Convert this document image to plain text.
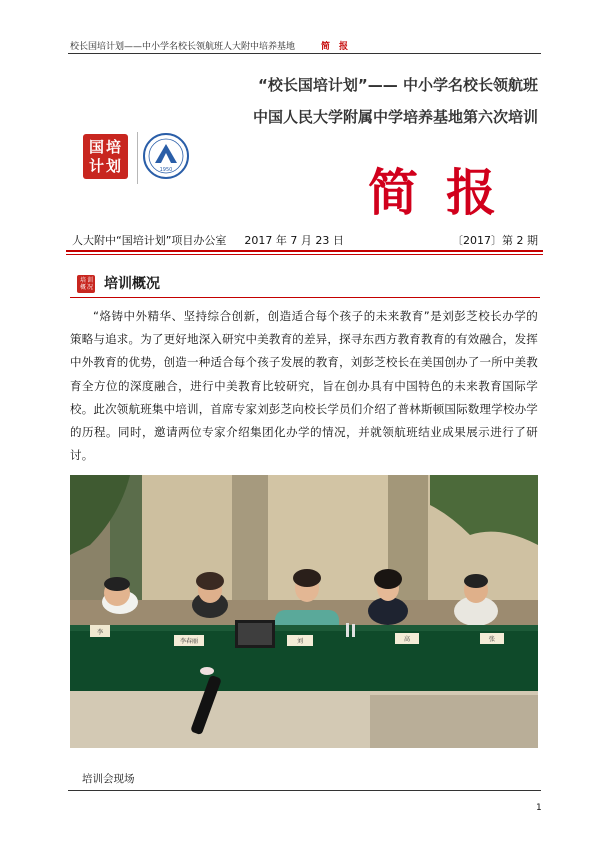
校长国培计划——中小学名校长领航班人大附中培养基地	简　报
“校长国培计划”—— 中小学名校长领航班
中国人民大学附属中学培养基地第六次培训
培
国
划
计	1950	简报
人大附中“国培计划”项目办公室 2017 年 7 月 23 日	〔2017〕第 2 期
培 训
概 况 培训概况

“烙铸中外精华、坚持综合创新，创造适合每个孩子的未来教育”是刘彭芝校长办学的策略与追求。为了更好地深入研究中美教育的差异，探寻东西方教育教育的有效融合，发挥中外教育的优势，创造一种适合每个孩子发展的教育，刘彭芝校长在美国创办了一所中美教育全方位的深度融合，进行中美教育比较研究，旨在创办具有中国特色的未来教育国际学校。此次领航班集中培训，首席专家刘彭芝向校长学员们介绍了普林斯顿国际数理学校办学的历程。同时，邀请两位专家介绍集团化办学的情况，并就领航班结业成果展示进行了研讨。

李
李春丽	刘	高	张
培训会现场
1
